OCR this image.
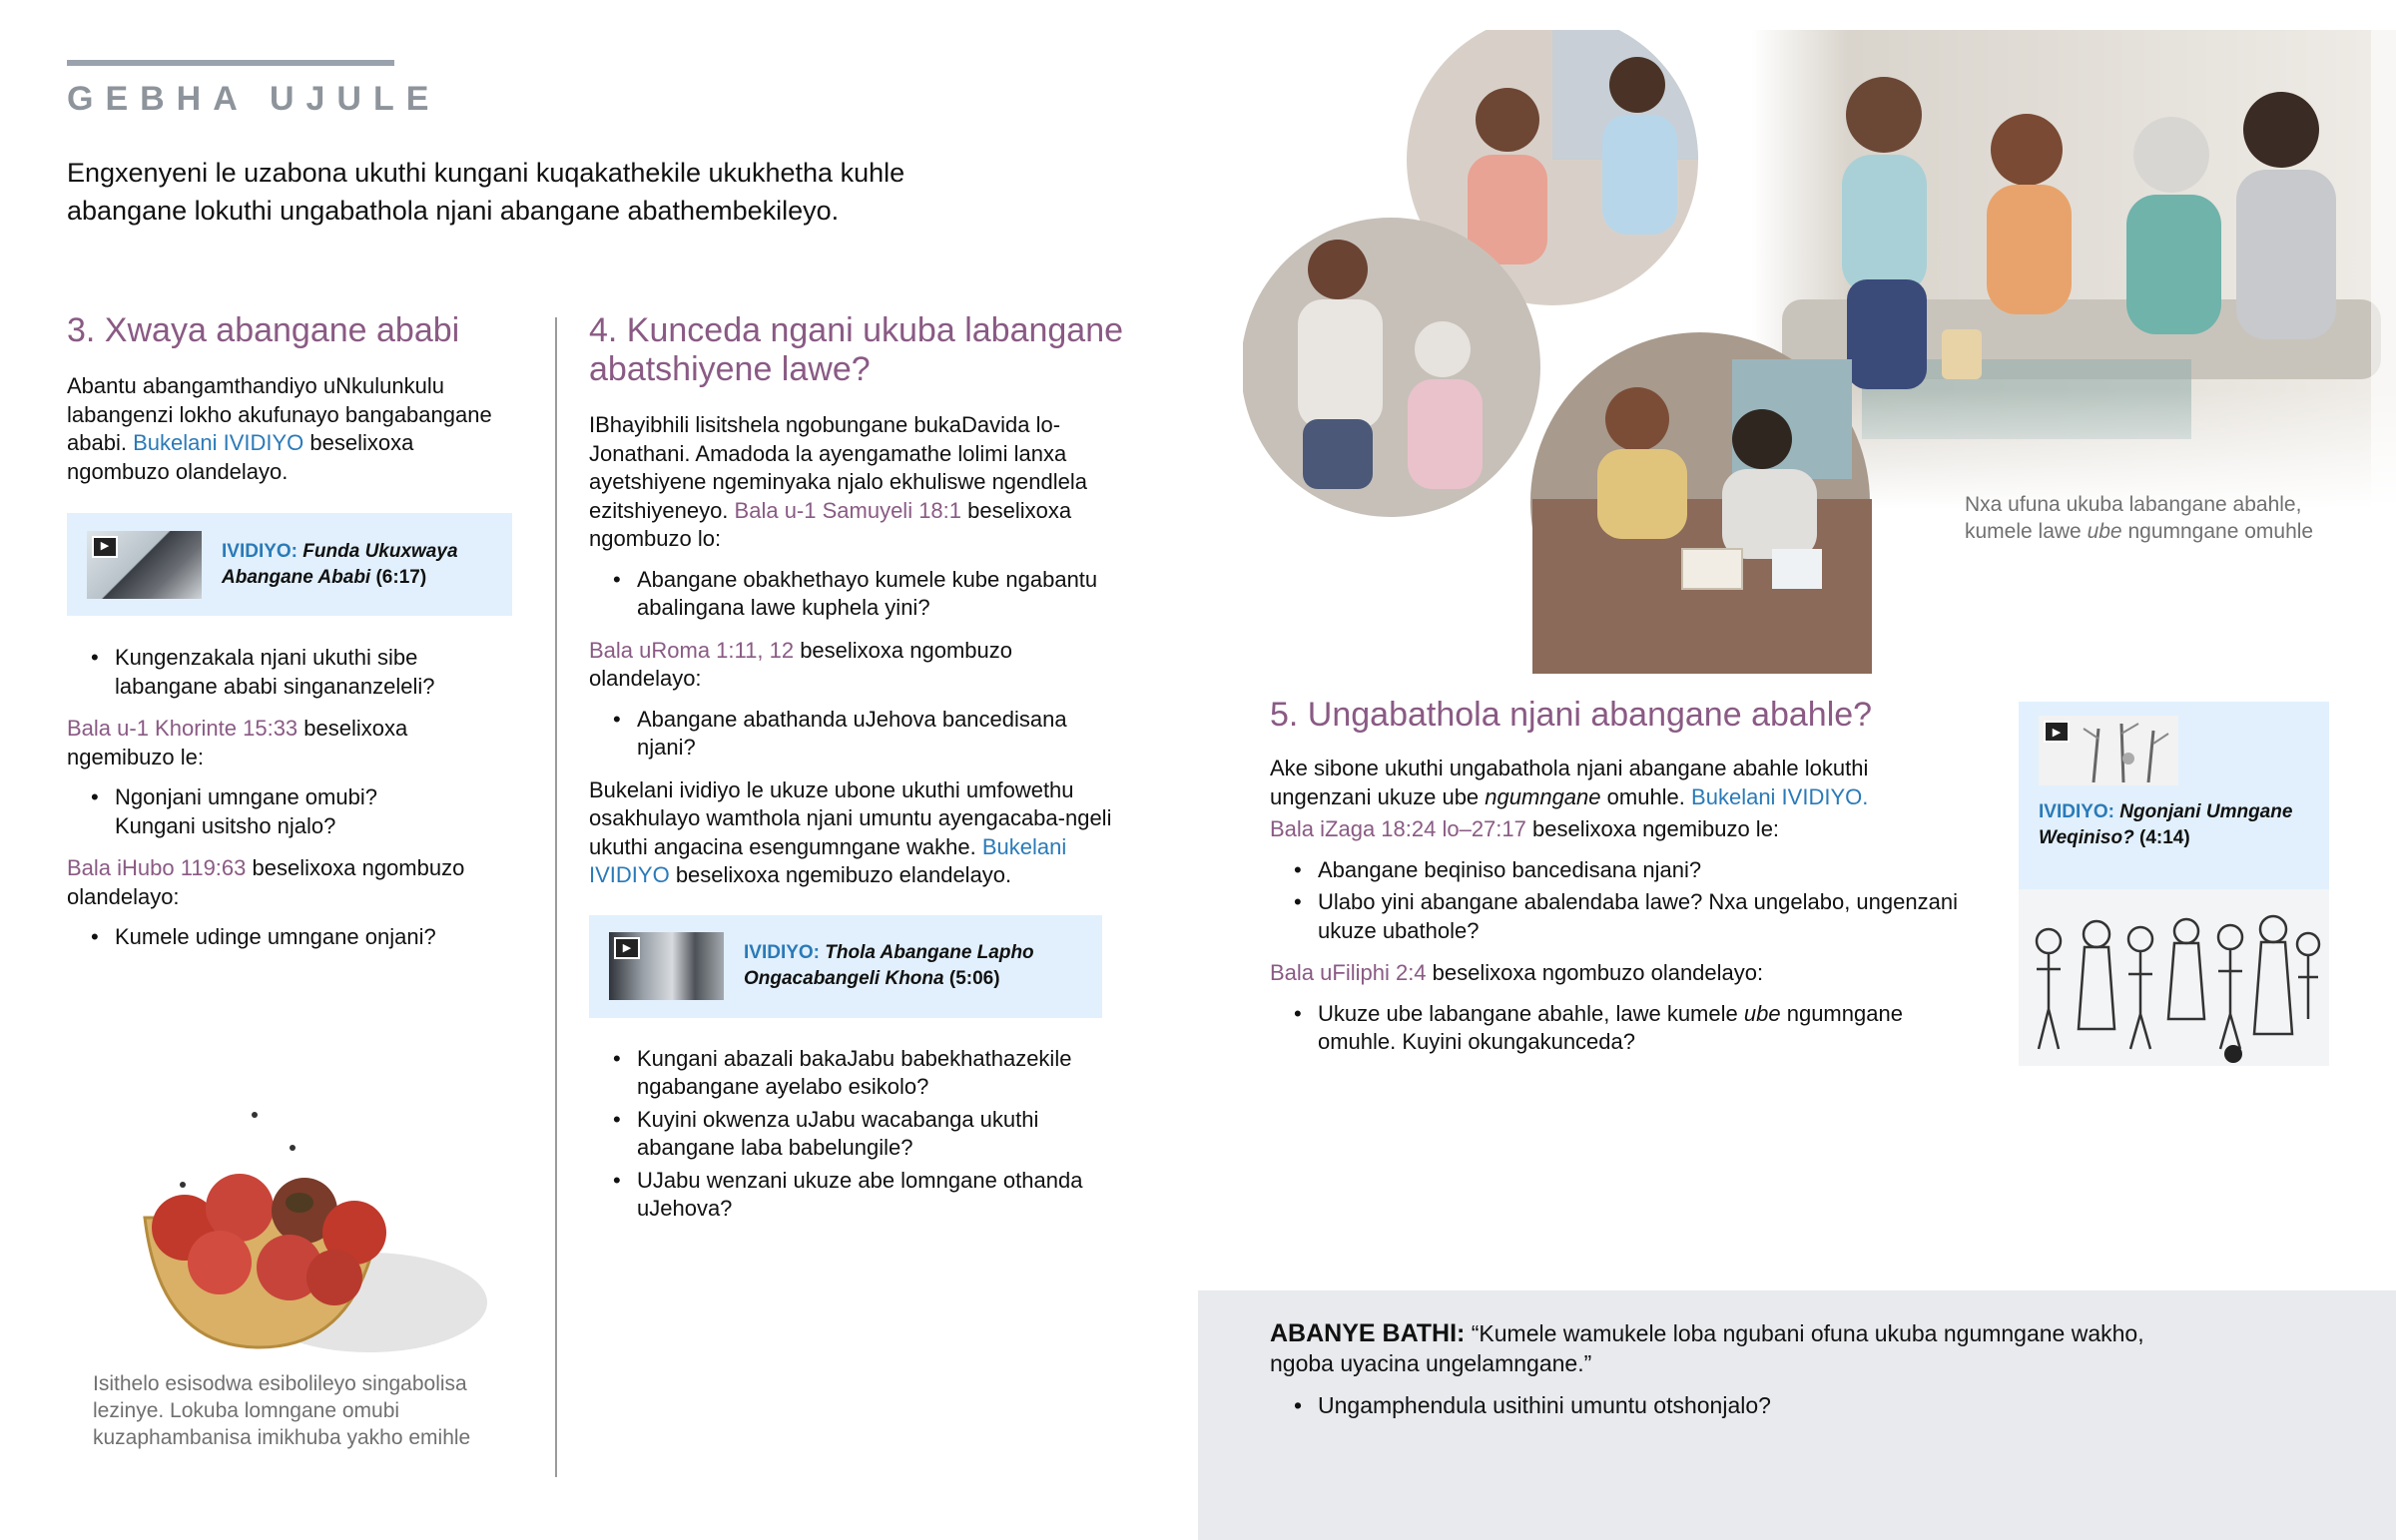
GEBHA UJULE

Engxenyeni le uzabona ukuthi kungani kuqakathekile ukukhetha kuhle abangane lokuthi ungabathola njani abangane abathembekileyo.

3. Xwaya abangane ababi

Abantu abangamthandiyo uNkulunkulu labangenzi lokho akufunayo bangabangane ababi. Bukelani IVIDIYO beselixoxa ngombuzo olandelayo.

▶	IVIDIYO: Funda Ukuxwaya Abangane Ababi (6:17)

• Kungenzakala njani ukuthi sibe labangane ababi singananzeleli?

Bala u-1 Khorinte 15:33 beselixoxa ngemibuzo le:

• Ngonjani umngane omubi?
Kungani usitsho njalo?

Bala iHubo 119:63 beselixoxa ngombuzo olandelayo:

• Kumele udinge umngane onjani?

Isithelo esisodwa esibolileyo singabolisa lezinye. Lokuba lomngane omubi kuzaphambanisa imikhuba yakho emihle

4. Kunceda ngani ukuba labangane abatshiyene lawe?

IBhayibhili lisitshela ngobungane bukaDavida lo-Jonathani. Amadoda la ayengamathe lolimi lanxa ayetshiyene ngeminyaka njalo ekhuliswe ngendlela ezitshiyeneyo. Bala u-1 Samuyeli 18:1 beselixoxa ngombuzo lo:

• Abangane obakhethayo kumele kube ngabantu abalingana lawe kuphela yini?

Bala uRoma 1:11, 12 beselixoxa ngombuzo olandelayo:

• Abangane abathanda uJehova bancedisana njani?

Bukelani ividiyo le ukuze ubone ukuthi umfowethu osakhulayo wamthola njani umuntu ayengacaba-ngeli ukuthi angacina esengumngane wakhe. Bukelani IVIDIYO beselixoxa ngemibuzo elandelayo.

▶	IVIDIYO: Thola Abangane Lapho Ongacabangeli Khona (5:06)

• Kungani abazali bakaJabu babekhathazekile ngabangane ayelabo esikolo?

• Kuyini okwenza uJabu wacabanga ukuthi abangane laba babelungile?

• UJabu wenzani ukuze abe lomngane othanda uJehova?

Nxa ufuna ukuba labangane abahle, kumele lawe ube ngumngane omuhle

5. Ungabathola njani abangane abahle?

Ake sibone ukuthi ungabathola njani abangane abahle lokuthi ungenzani ukuze ube ngumngane omuhle. Bukelani IVIDIYO.

Bala iZaga 18:24 lo–27:17 beselixoxa ngemibuzo le:

• Abangane beqiniso bancedisana njani?

• Ulabo yini abangane abalendaba lawe? Nxa ungelabo, ungenzani ukuze ubathole?

Bala uFiliphi 2:4 beselixoxa ngombuzo olandelayo:

• Ukuze ube labangane abahle, lawe kumele ube ngumngane omuhle. Kuyini okungakunceda?

▶
IVIDIYO: Ngonjani Umngane Weqiniso? (4:14)

ABANYE BATHI: “Kumele wamukele loba ngubani ofuna ukuba ngumngane wakho, ngoba uyacina ungelamngane.”

• Ungamphendula usithini umuntu otshonjalo?
